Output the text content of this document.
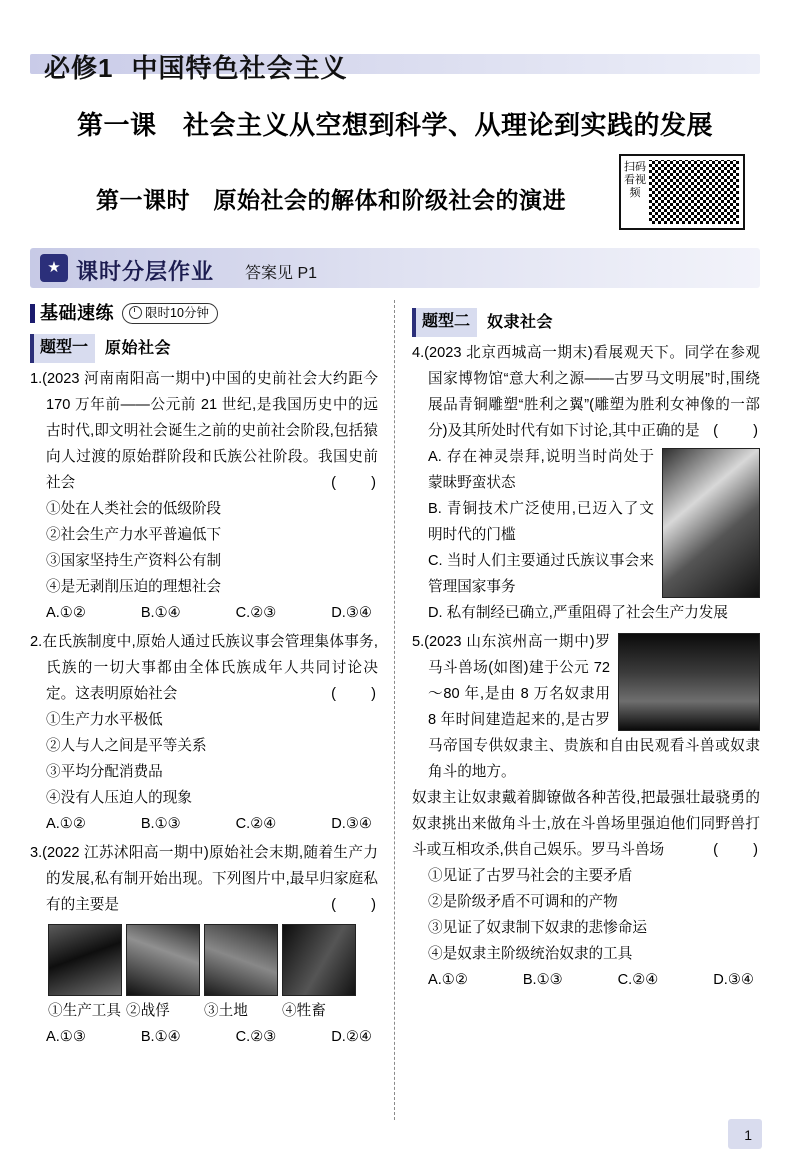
必修1 中国特色社会主义
第一课　社会主义从空想到科学、从理论到实践的发展
第一课时　原始社会的解体和阶级社会的演进
扫码看视频
★ 课时分层作业 答案见 P1
基础速练	限时10分钟
题型一	原始社会

1.(2023 河南南阳高一期中)中国的史前社会大约距今 170 万年前——公元前 21 世纪,是我国历史中的远古时代,即文明社会诞生之前的史前社会阶段,包括猿向人过渡的原始群阶段和氏族公社阶段。我国史前社会	(　　)

①处在人类社会的低级阶段

②社会生产力水平普遍低下

③国家坚持生产资料公有制

④是无剥削压迫的理想社会

A.①②	B.①④	C.②③	D.③④

2.在氏族制度中,原始人通过氏族议事会管理集体事务,氏族的一切大事都由全体氏族成年人共同讨论决定。这表明原始社会	(　　)

①生产力水平极低

②人与人之间是平等关系

③平均分配消费品

④没有人压迫人的现象

A.①②	B.①③	C.②④	D.③④

3.(2022 江苏沭阳高一期中)原始社会末期,随着生产力的发展,私有制开始出现。下列图片中,最早归家庭私有的主要是	(　　)

①生产工具 ②战俘	③土地	④牲畜
A.①③	B.①④	C.②③	D.②④
题型二	奴隶社会

4.(2023 北京西城高一期末)看展观天下。同学在参观国家博物馆“意大利之源——古罗马文明展”时,围绕展品青铜雕塑“胜利之翼”(雕塑为胜利女神像的一部分)及其所处时代有如下讨论,其中正确的是 (　　)

A. 存在神灵崇拜,说明当时尚处于蒙昧野蛮状态

B. 青铜技术广泛使用,已迈入了文明时代的门槛

C. 当时人们主要通过氏族议事会来管理国家事务

D. 私有制经已确立,严重阻碍了社会生产力发展

5.(2023 山东滨州高一期中)
罗马斗兽场(如图)建于公元 72～80 年,是由 8 万名奴隶用 8 年时间建造起来的,是古罗马帝国专供奴隶主、贵族和自由民观看斗兽或奴隶角斗的地方。

奴隶主让奴隶戴着脚镣做各种苦役,把最强壮最骁勇的奴隶挑出来做角斗士,放在斗兽场里强迫他们同野兽打斗或互相攻杀,供自己娱乐。罗马斗兽场	(　　)

①见证了古罗马社会的主要矛盾

②是阶级矛盾不可调和的产物

③见证了奴隶制下奴隶的悲惨命运

④是奴隶主阶级统治奴隶的工具

A.①②	B.①③	C.②④	D.③④
1
